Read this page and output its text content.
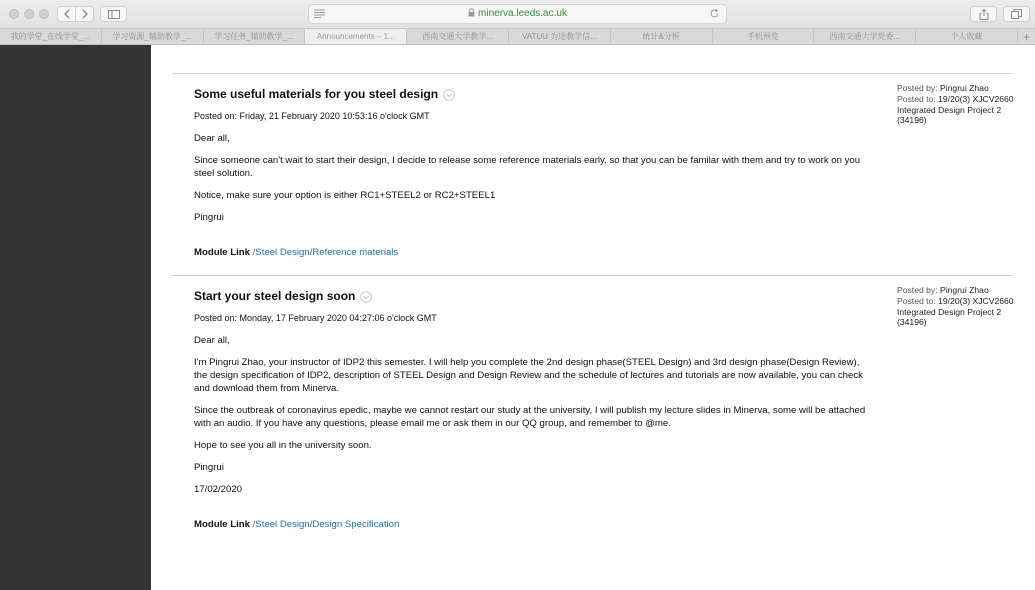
minerva.leeds.ac.uk
我的学堂_在线学堂_...	学习资源_辅助教学_...	学习任务_辅助教学_...	Announcements – 1...	西南交通大学教学...	VATUU 为途教学信...	统计&分析	手机预览	西南交通大学党委...	个人收藏	+
Some useful materials for you steel design
Posted on: Friday, 21 February 2020 10:53:16 o'clock GMT

Dear all,

Since someone can't wait to start their design, I decide to release some reference materials early, so that you can be familar with them and try to work on you steel solution.

Notice, make sure your option is either RC1+STEEL2 or RC2+STEEL1

Pingrui

Module Link /Steel Design/Reference materials
Posted by: Pingrui Zhao
Posted to: 19/20(3) XJCV2660
Integrated Design Project 2
(34196)
Start your steel design soon
Posted on: Monday, 17 February 2020 04:27:06 o'clock GMT

Dear all,

I'm Pingrui Zhao, your instructor of IDP2 this semester. I will help you complete the 2nd design phase(STEEL Design) and 3rd design phase(Design Review), the design specification of IDP2, description of STEEL Design and Design Review and the schedule of lectures and tutorials are now available, you can check and download them from Minerva.

Since the outbreak of coronavirus epedic, maybe we cannot restart our study at the university, I will publish my lecture slides in Minerva, some will be attached with an audio. If you have any questions, please email me or ask them in our QQ group, and remember to @me.

Hope to see you all in the university soon.

Pingrui

17/02/2020

Module Link /Steel Design/Design Specification
Posted by: Pingrui Zhao
Posted to: 19/20(3) XJCV2660
Integrated Design Project 2
(34196)
